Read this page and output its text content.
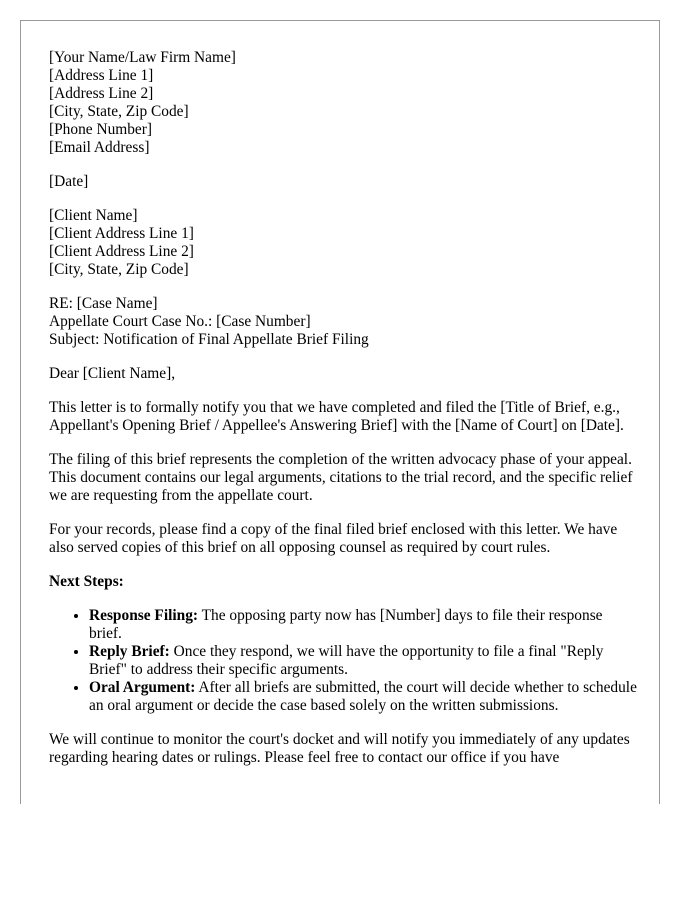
[Your Name/Law Firm Name]
[Address Line 1]
[Address Line 2]
[City, State, Zip Code]
[Phone Number]
[Email Address]
[Date]
[Client Name]
[Client Address Line 1]
[Client Address Line 2]
[City, State, Zip Code]
RE: [Case Name]
Appellate Court Case No.: [Case Number]
Subject: Notification of Final Appellate Brief Filing

Dear [Client Name],

This letter is to formally notify you that we have completed and filed the [Title of Brief, e.g., Appellant's Opening Brief / Appellee's Answering Brief] with the [Name of Court] on [Date].

The filing of this brief represents the completion of the written advocacy phase of your appeal. This document contains our legal arguments, citations to the trial record, and the specific relief we are requesting from the appellate court.

For your records, please find a copy of the final filed brief enclosed with this letter. We have also served copies of this brief on all opposing counsel as required by court rules.

Next Steps:

• Response Filing: The opposing party now has [Number] days to file their response brief.
• Reply Brief: Once they respond, we will have the opportunity to file a final "Reply Brief" to address their specific arguments.
• Oral Argument: After all briefs are submitted, the court will decide whether to schedule an oral argument or decide the case based solely on the written submissions.

We will continue to monitor the court's docket and will notify you immediately of any updates regarding hearing dates or rulings. Please feel free to contact our office if you have
